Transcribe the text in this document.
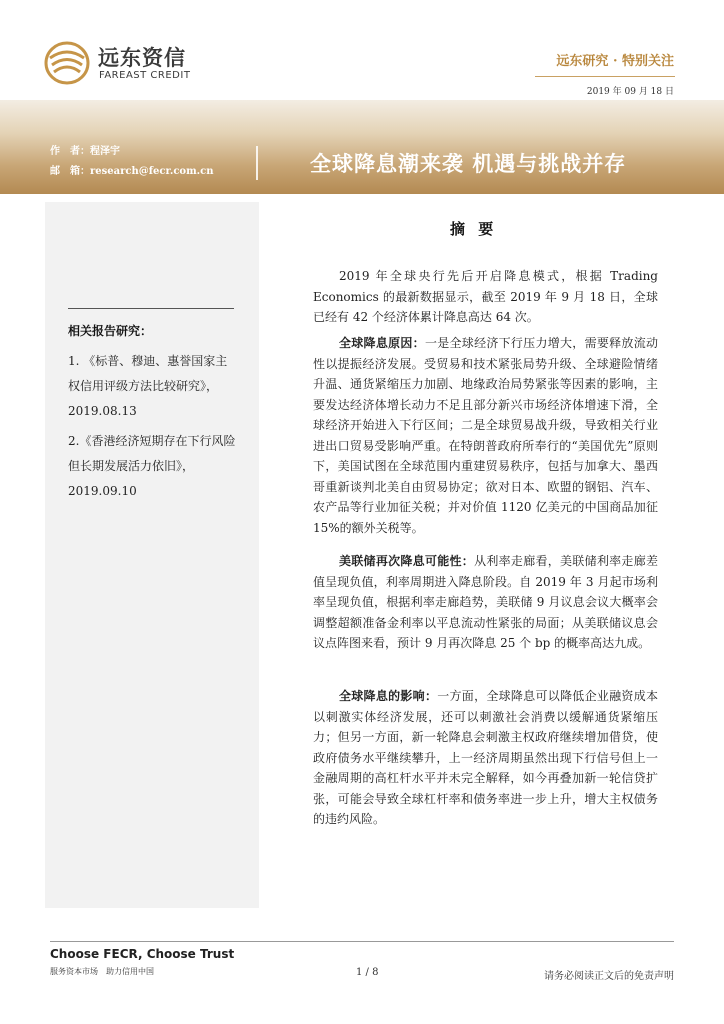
远东资信
FAREAST CREDIT
远东研究 · 特别关注
2019 年 09 月 18 日
作　者：程泽宇
邮　箱：research@fecr.com.cn	全球降息潮来袭 机遇与挑战并存
相关报告研究：
1. 《标普、穆迪、惠誉国家主权信用评级方法比较研究》，2019.08.13
2.《香港经济短期存在下行风险 但长期发展活力依旧》，2019.09.10
摘 要

2019 年全球央行先后开启降息模式，根据 Trading Economics 的最新数据显示，截至 2019 年 9 月 18 日，全球已经有 42 个经济体累计降息高达 64 次。

全球降息原因：一是全球经济下行压力增大，需要释放流动性以提振经济发展。受贸易和技术紧张局势升级、全球避险情绪升温、通货紧缩压力加剧、地缘政治局势紧张等因素的影响，主要发达经济体增长动力不足且部分新兴市场经济体增速下滑，全球经济开始进入下行区间；二是全球贸易战升级，导致相关行业进出口贸易受影响严重。在特朗普政府所奉行的“美国优先”原则下，美国试图在全球范围内重建贸易秩序，包括与加拿大、墨西哥重新谈判北美自由贸易协定；欲对日本、欧盟的钢铝、汽车、农产品等行业加征关税；并对价值 1120 亿美元的中国商品加征 15%的额外关税等。

美联储再次降息可能性：从利率走廊看，美联储利率走廊差值呈现负值，利率周期进入降息阶段。自 2019 年 3 月起市场利率呈现负值，根据利率走廊趋势，美联储 9 月议息会议大概率会调整超额准备金利率以平息流动性紧张的局面；从美联储议息会议点阵图来看，预计 9 月再次降息 25 个 bp 的概率高达九成。

全球降息的影响：一方面，全球降息可以降低企业融资成本以刺激实体经济发展，还可以刺激社会消费以缓解通货紧缩压力；但另一方面，新一轮降息会刺激主权政府继续增加借贷，使政府债务水平继续攀升，上一经济周期虽然出现下行信号但上一金融周期的高杠杆水平并未完全解释，如今再叠加新一轮信贷扩张，可能会导致全球杠杆率和债务率进一步上升，增大主权债务的违约风险。

Choose FECR, Choose Trust
服务资本市场　助力信用中国	1 / 8	请务必阅读正文后的免责声明
